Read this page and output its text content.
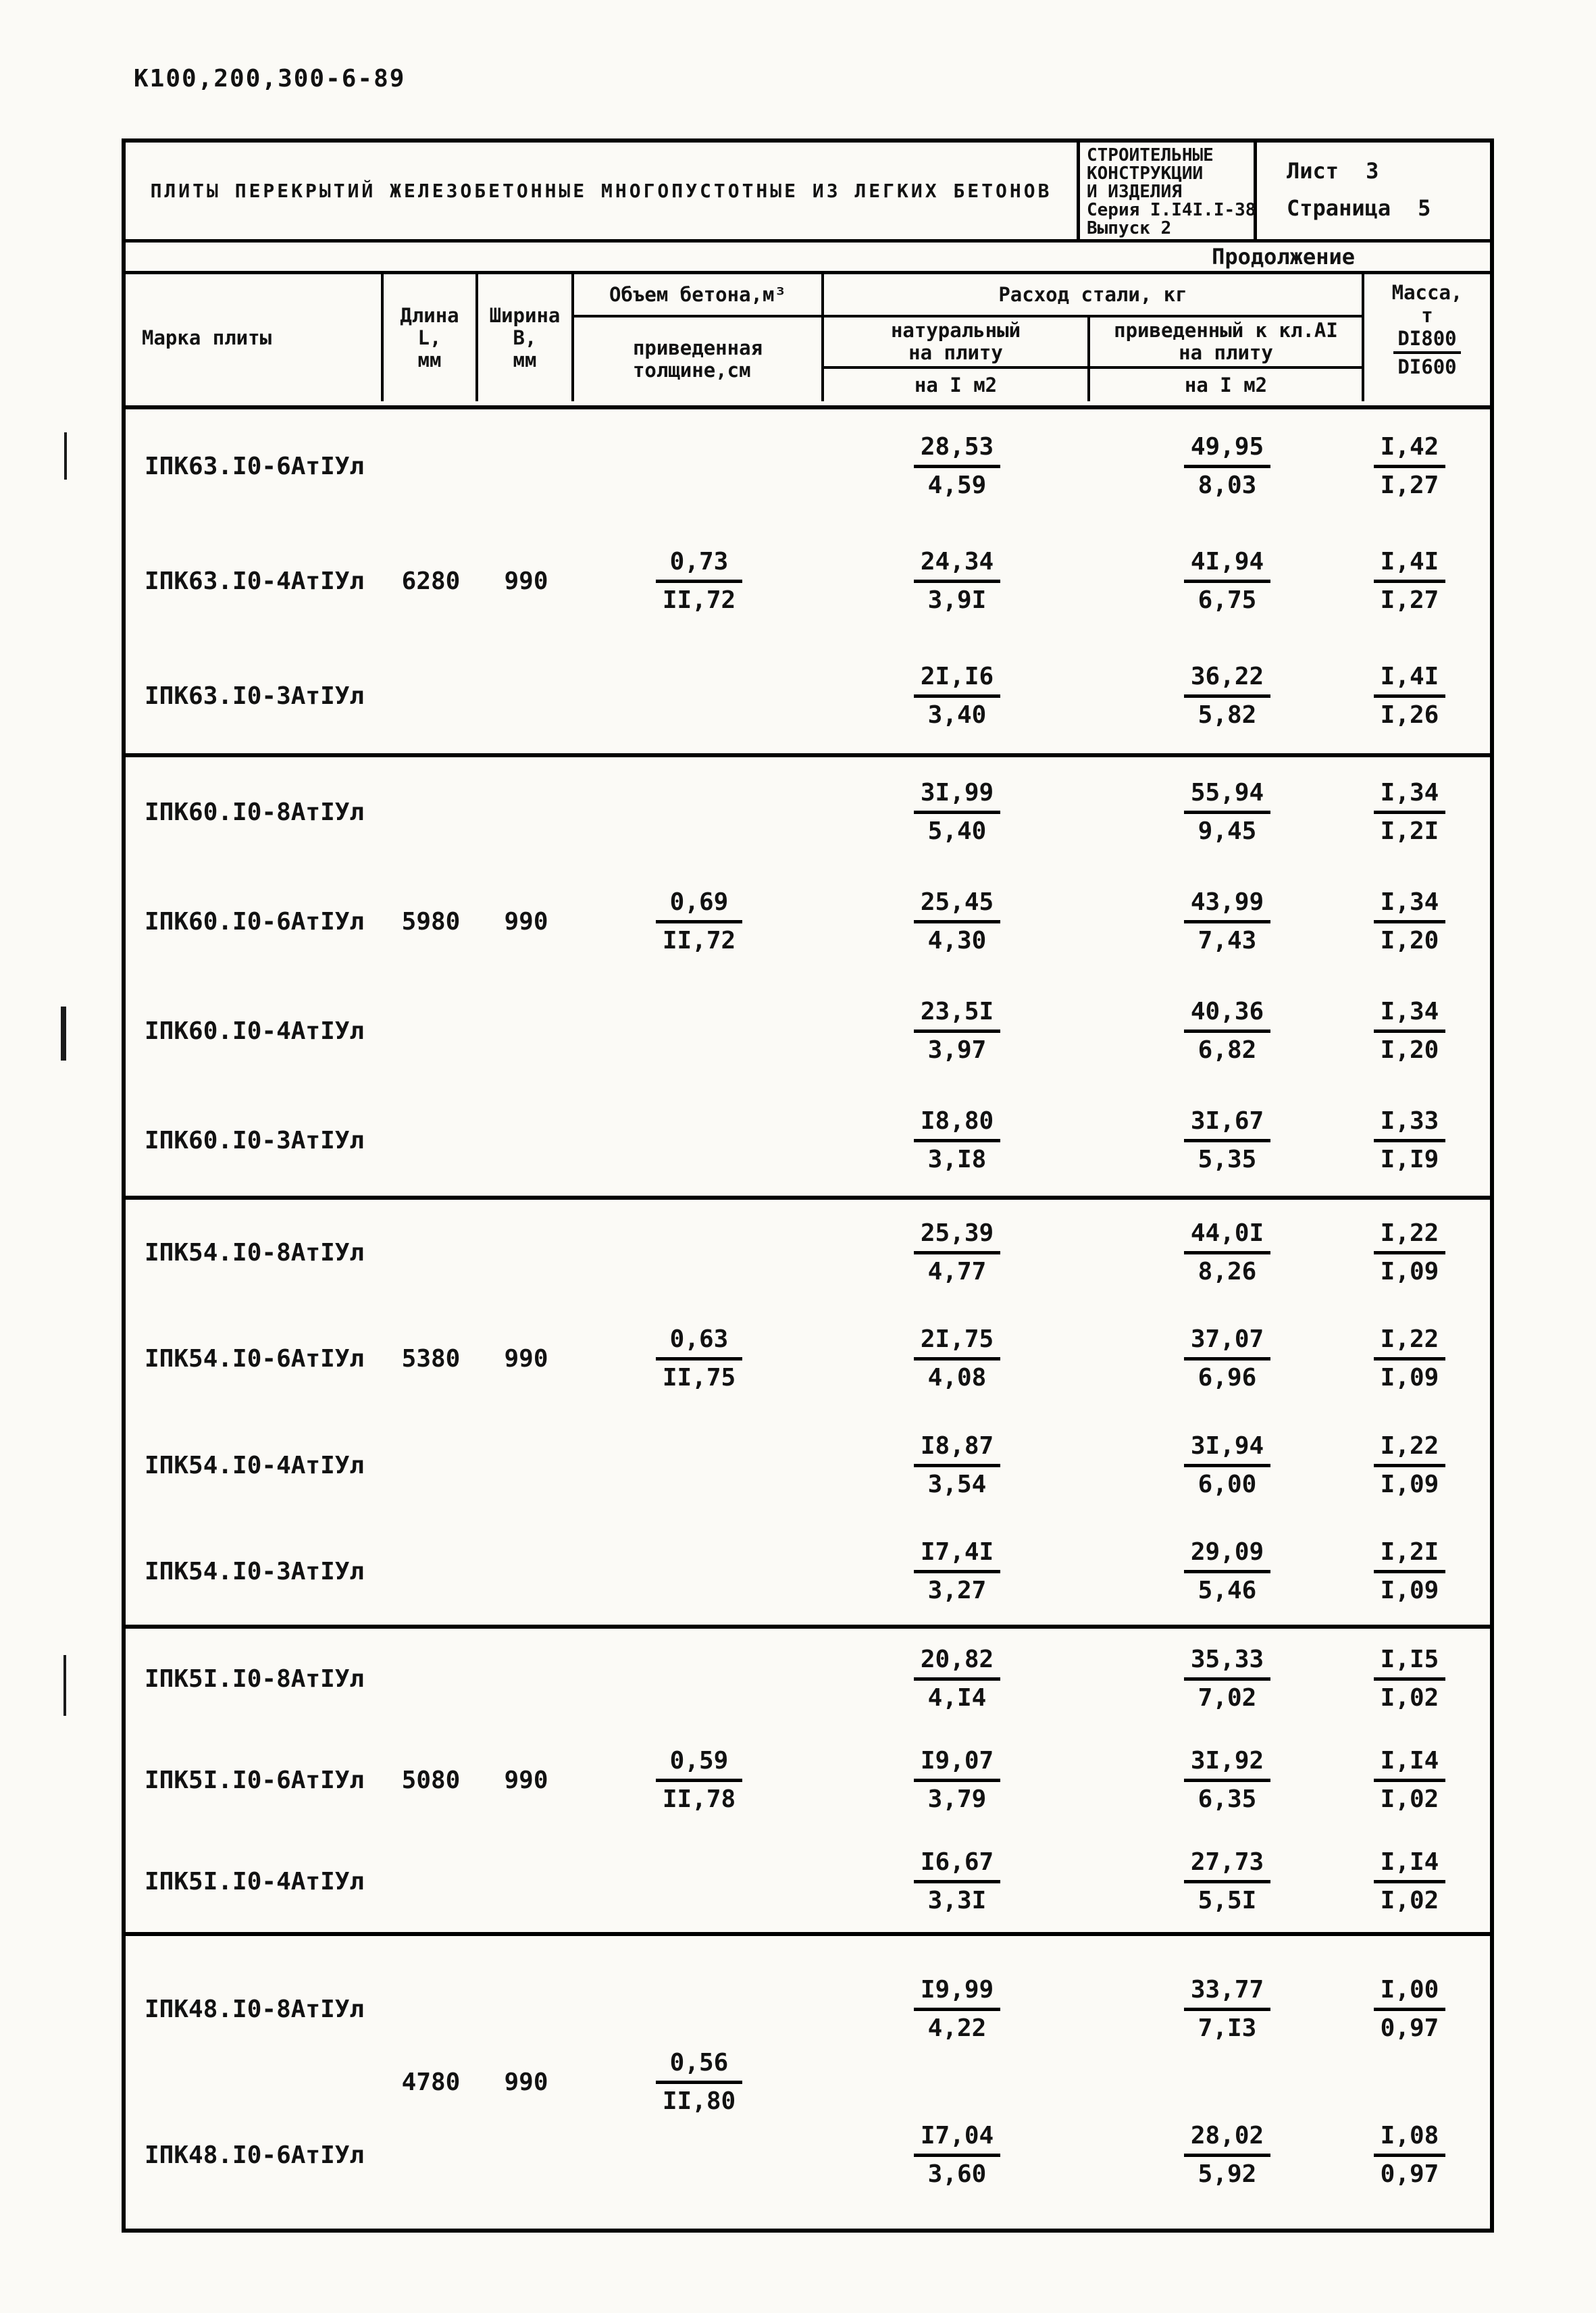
К100,200,300-6-89
ПЛИТЫ ПЕРЕКРЫТИЙ ЖЕЛЕЗОБЕТОННЫЕ МНОГОПУСТОТНЫЕ ИЗ ЛЕГКИХ БЕТОНОВ
СТРОИТЕЛЬНЫЕ
КОНСТРУКЦИИ
И ИЗДЕЛИЯ
Серия I.I4I.I-38
Выпуск 2
Лист 3
Страница 5
Продолжение
Марка плиты
Длина
L,
мм
Ширина
В,
мм
Объем бетона,м³
приведенная
толщине,см
Расход стали, кг
натуральный
на плиту
приведенный к кл.АI
на плиту
на I м2	на I м2
Масса,
т
$\frac{DI800}{DI600}$
IПК63.I0-6АтIУл
28,53
4,59
49,95
8,03
I,42
I,27
IПК63.I0-4АтIУл 6280 990
0,73
II,72
24,34
3,9I
4I,94
6,75
I,4I
I,27
IПК63.I0-3АтIУл
2I,I6
3,40
36,22
5,82
I,4I
I,26
IПК60.I0-8АтIУл
3I,99
5,40
55,94
9,45
I,34
I,2I
IПК60.I0-6АтIУл 5980 990
0,69
II,72
25,45
4,30
43,99
7,43
I,34
I,20
IПК60.I0-4АтIУл
23,5I
3,97
40,36
6,82
I,34
I,20
IПК60.I0-3АтIУл
I8,80
3,I8
3I,67
5,35
I,33
I,I9
IПК54.I0-8АтIУл
25,39
4,77
44,0I
8,26
I,22
I,09
IПК54.I0-6АтIУл 5380 990
0,63
II,75
2I,75
4,08
37,07
6,96
I,22
I,09
IПК54.I0-4АтIУл
I8,87
3,54
3I,94
6,00
I,22
I,09
IПК54.I0-3АтIУл
I7,4I
3,27
29,09
5,46
I,2I
I,09
IПК5I.I0-8АтIУл
20,82
4,I4
35,33
7,02
I,I5
I,02
IПК5I.I0-6АтIУл 5080 990
0,59
II,78
I9,07
3,79
3I,92
6,35
I,I4
I,02
IПК5I.I0-4АтIУл
I6,67
3,3I
27,73
5,5I
I,I4
I,02
IПК48.I0-8АтIУл
I9,99
4,22
33,77
7,I3
I,00
0,97
IПК48.I0-6АтIУл
I7,04
3,60
28,02
5,92
I,08
0,97
4780 990
0,56
II,80
